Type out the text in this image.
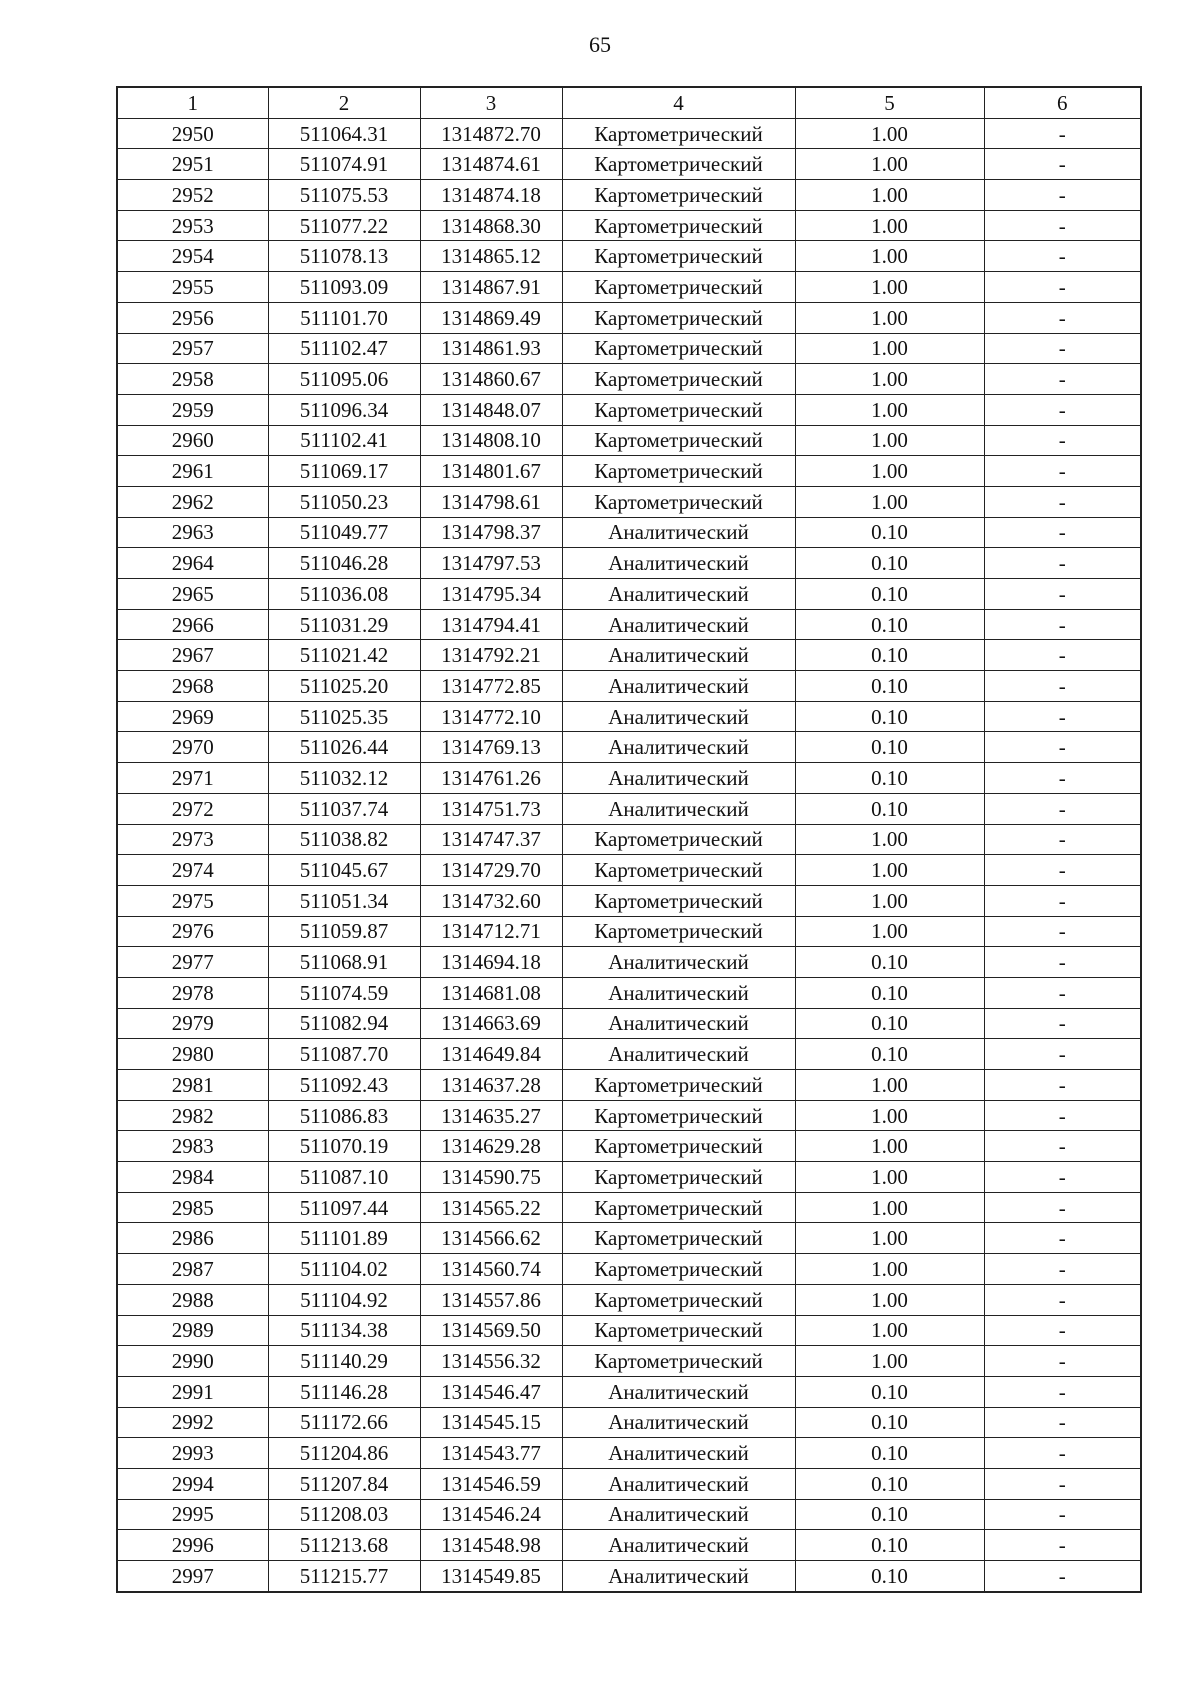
65
1	2	3	4	5	6
2950	511064.31	1314872.70	Картометрический	1.00	-
2951	511074.91	1314874.61	Картометрический	1.00	-
2952	511075.53	1314874.18	Картометрический	1.00	-
2953	511077.22	1314868.30	Картометрический	1.00	-
2954	511078.13	1314865.12	Картометрический	1.00	-
2955	511093.09	1314867.91	Картометрический	1.00	-
2956	511101.70	1314869.49	Картометрический	1.00	-
2957	511102.47	1314861.93	Картометрический	1.00	-
2958	511095.06	1314860.67	Картометрический	1.00	-
2959	511096.34	1314848.07	Картометрический	1.00	-
2960	511102.41	1314808.10	Картометрический	1.00	-
2961	511069.17	1314801.67	Картометрический	1.00	-
2962	511050.23	1314798.61	Картометрический	1.00	-
2963	511049.77	1314798.37	Аналитический	0.10	-
2964	511046.28	1314797.53	Аналитический	0.10	-
2965	511036.08	1314795.34	Аналитический	0.10	-
2966	511031.29	1314794.41	Аналитический	0.10	-
2967	511021.42	1314792.21	Аналитический	0.10	-
2968	511025.20	1314772.85	Аналитический	0.10	-
2969	511025.35	1314772.10	Аналитический	0.10	-
2970	511026.44	1314769.13	Аналитический	0.10	-
2971	511032.12	1314761.26	Аналитический	0.10	-
2972	511037.74	1314751.73	Аналитический	0.10	-
2973	511038.82	1314747.37	Картометрический	1.00	-
2974	511045.67	1314729.70	Картометрический	1.00	-
2975	511051.34	1314732.60	Картометрический	1.00	-
2976	511059.87	1314712.71	Картометрический	1.00	-
2977	511068.91	1314694.18	Аналитический	0.10	-
2978	511074.59	1314681.08	Аналитический	0.10	-
2979	511082.94	1314663.69	Аналитический	0.10	-
2980	511087.70	1314649.84	Аналитический	0.10	-
2981	511092.43	1314637.28	Картометрический	1.00	-
2982	511086.83	1314635.27	Картометрический	1.00	-
2983	511070.19	1314629.28	Картометрический	1.00	-
2984	511087.10	1314590.75	Картометрический	1.00	-
2985	511097.44	1314565.22	Картометрический	1.00	-
2986	511101.89	1314566.62	Картометрический	1.00	-
2987	511104.02	1314560.74	Картометрический	1.00	-
2988	511104.92	1314557.86	Картометрический	1.00	-
2989	511134.38	1314569.50	Картометрический	1.00	-
2990	511140.29	1314556.32	Картометрический	1.00	-
2991	511146.28	1314546.47	Аналитический	0.10	-
2992	511172.66	1314545.15	Аналитический	0.10	-
2993	511204.86	1314543.77	Аналитический	0.10	-
2994	511207.84	1314546.59	Аналитический	0.10	-
2995	511208.03	1314546.24	Аналитический	0.10	-
2996	511213.68	1314548.98	Аналитический	0.10	-
2997	511215.77	1314549.85	Аналитический	0.10	-
